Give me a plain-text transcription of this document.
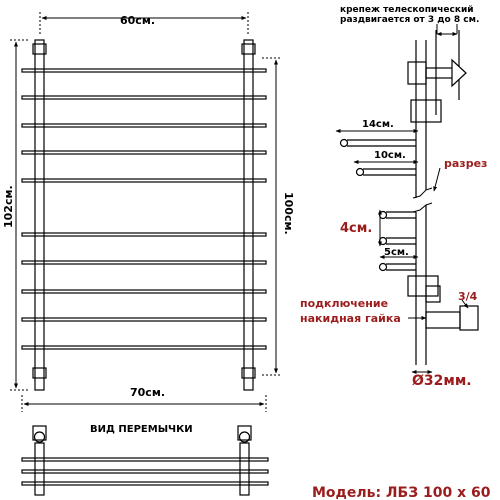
60см.
102см.	100см.
70см.
ВИД ПЕРЕМЫЧКИ
крепеж телескопический
раздвигается от 3 до 8 см.
14см.
10см.
разрез
4см.
5см.
подключение
накидная гайка
3/4
Ø32мм.
Модель: ЛБЗ 100 x 60
